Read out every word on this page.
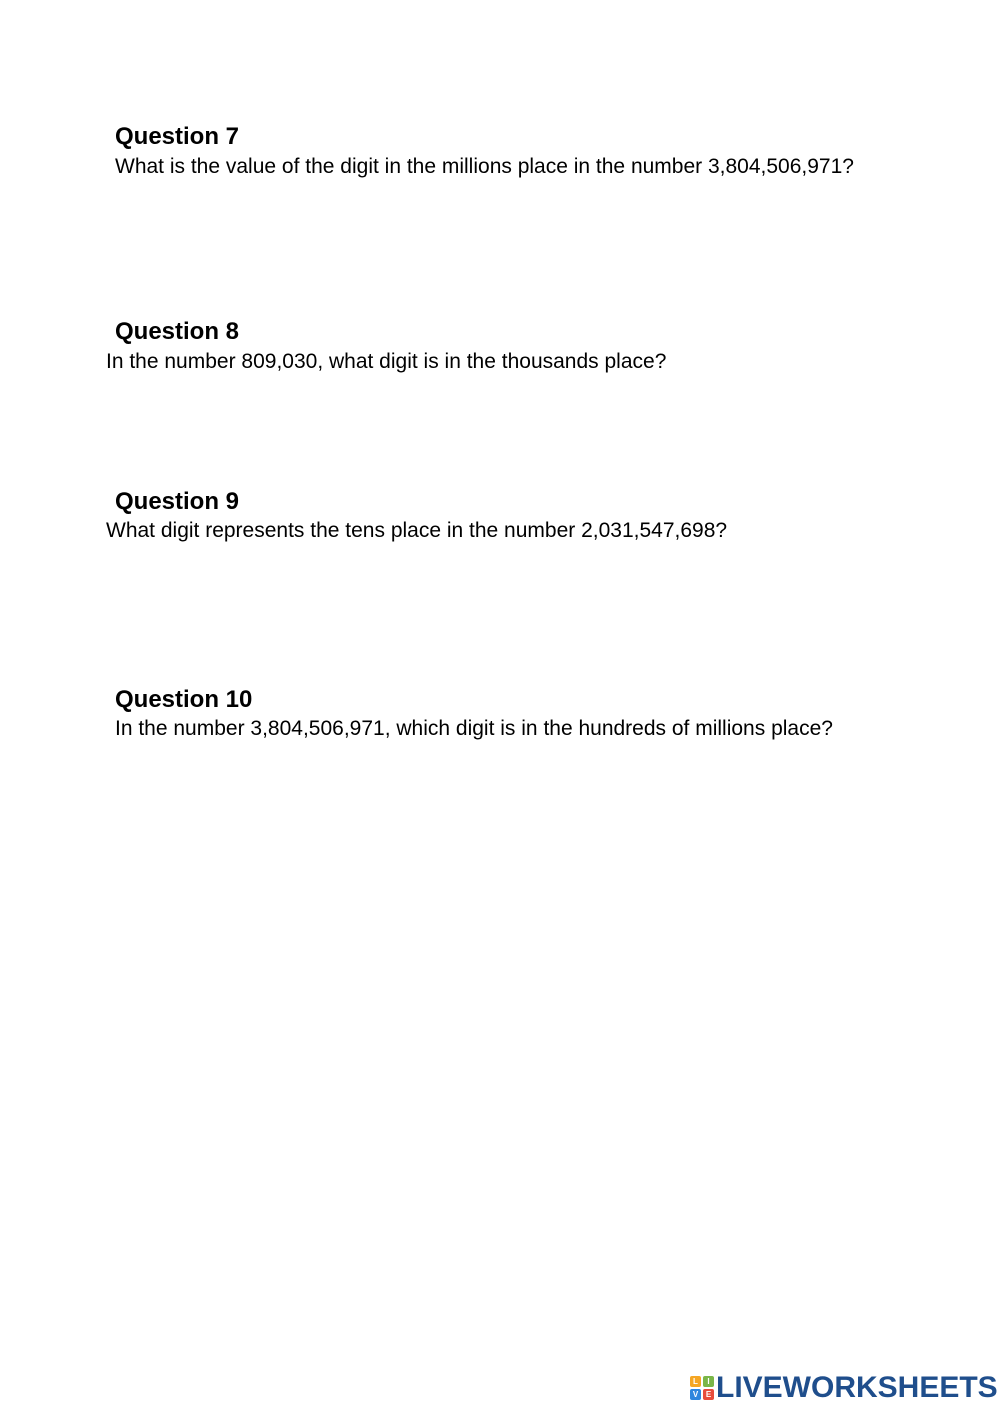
Question 7
What is the value of the digit in the millions place in the number 3,804,506,971?
Question 8
In the number 809,030, what digit is in the thousands place?
Question 9
What digit represents the tens place in the number 2,031,547,698?
Question 10
In the number 3,804,506,971, which digit is in the hundreds of millions place?
L	I
V E LIVEWORKSHEETS
